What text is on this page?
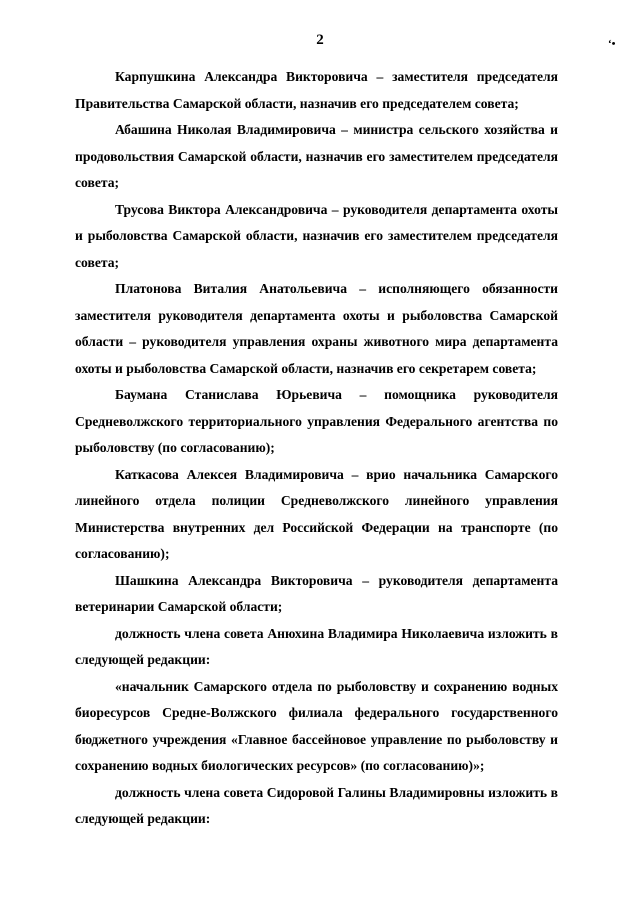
2	‘•

Карпушкина Александра Викторовича – заместителя председателя Правительства Самарской области, назначив его председателем совета;

Абашина Николая Владимировича – министра сельского хозяйства и продовольствия Самарской области, назначив его заместителем председателя совета;

Трусова Виктора Александровича – руководителя департамента охоты и рыболовства Самарской области, назначив его заместителем председателя совета;

Платонова Виталия Анатольевича – исполняющего обязанности заместителя руководителя департамента охоты и рыболовства Самарской области – руководителя управления охраны животного мира департамента охоты и рыболовства Самарской области, назначив его секретарем совета;

Баумана Станислава Юрьевича – помощника руководителя Средневолжского территориального управления Федерального агентства по рыболовству (по согласованию);

Каткасова Алексея Владимировича – врио начальника Самарского линейного отдела полиции Средневолжского линейного управления Министерства внутренних дел Российской Федерации на транспорте (по согласованию);

Шашкина Александра Викторовича – руководителя департамента ветеринарии Самарской области;

должность члена совета Анюхина Владимира Николаевича изложить в следующей редакции:

«начальник Самарского отдела по рыболовству и сохранению водных биоресурсов Средне-Волжского филиала федерального государственного бюджетного учреждения «Главное бассейновое управление по рыболовству и сохранению водных биологических ресурсов» (по согласованию)»;

должность члена совета Сидоровой Галины Владимировны изложить в следующей редакции:
